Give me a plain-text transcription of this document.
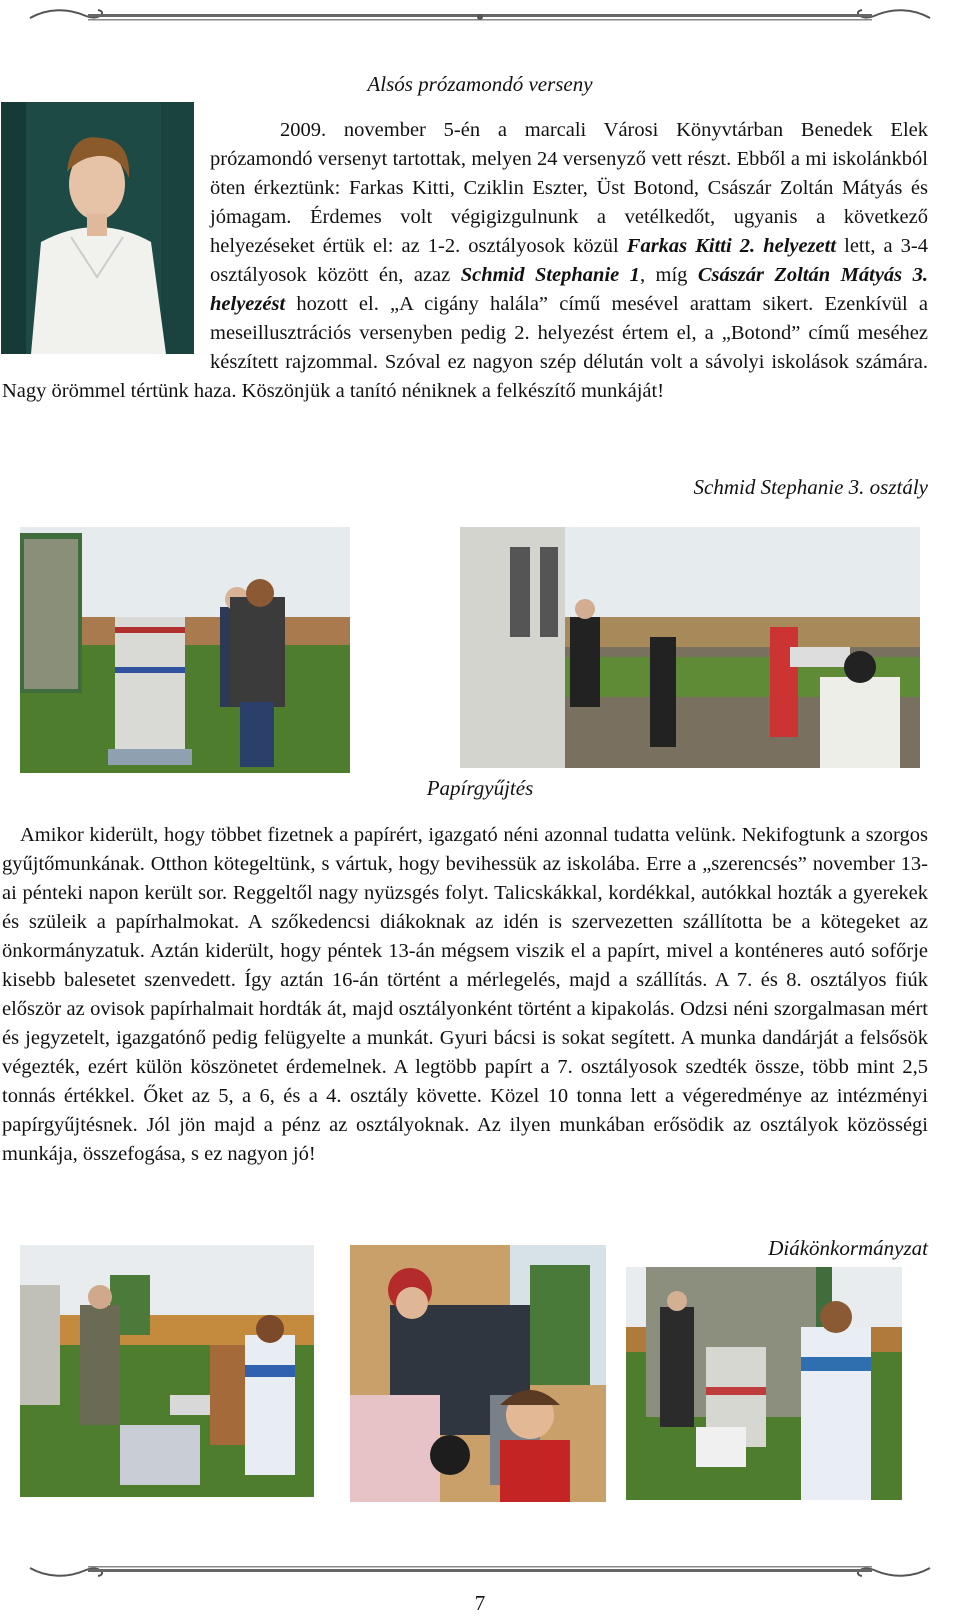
Alsós prózamondó verseny
2009. november 5-én a marcali Városi Könyvtárban Benedek Elek prózamondó versenyt tartottak, melyen 24 versenyző vett részt. Ebből a mi iskolánkból öten érkeztünk: Farkas Kitti, Cziklin Eszter, Üst Botond, Császár Zoltán Mátyás és jómagam. Érdemes volt végigizgulnunk a vetélkedőt, ugyanis a következő helyezéseket értük el: az 1-2. osztályosok közül Farkas Kitti 2. helyezett lett, a 3-4 osztályosok között én, azaz Schmid Stephanie 1, míg Császár Zoltán Mátyás 3. helyezést hozott el. „A cigány halála” című mesével arattam sikert. Ezenkívül a meseillusztrációs versenyben pedig 2. helyezést értem el, a „Botond” című meséhez készített rajzommal. Szóval ez nagyon szép délután volt a sávolyi iskolások számára. Nagy örömmel tértünk haza. Köszönjük a tanító néniknek a felkészítő munkáját!
Schmid Stephanie 3. osztály
Papírgyűjtés
Amikor kiderült, hogy többet fizetnek a papírért, igazgató néni azonnal tudatta velünk. Nekifogtunk a szorgos gyűjtőmunkának. Otthon kötegeltünk, s vártuk, hogy bevihessük az iskolába. Erre a „szerencsés” november 13-ai pénteki napon került sor. Reggeltől nagy nyüzsgés folyt. Talicskákkal, kordékkal, autókkal hozták a gyerekek és szüleik a papírhalmokat. A szőkedencsi diákoknak az idén is szervezetten szállította be a kötegeket az önkormányzatuk. Aztán kiderült, hogy péntek 13-án mégsem viszik el a papírt, mivel a konténeres autó sofőrje kisebb balesetet szenvedett. Így aztán 16-án történt a mérlegelés, majd a szállítás. A 7. és 8. osztályos fiúk először az ovisok papírhalmait hordták át, majd osztályonként történt a kipakolás. Odzsi néni szorgalmasan mért és jegyzetelt, igazgatónő pedig felügyelte a munkát. Gyuri bácsi is sokat segített. A munka dandárját a felsősök végezték, ezért külön köszönetet érdemelnek. A legtöbb papírt a 7. osztályosok szedték össze, több mint 2,5 tonnás értékkel. Őket az 5, a 6, és a 4. osztály követte. Közel 10 tonna lett a végeredménye az intézményi papírgyűjtésnek. Jól jön majd a pénz az osztályoknak. Az ilyen munkában erősödik az osztályok közösségi munkája, összefogása, s ez nagyon jó!
Diákönkormányzat
7
